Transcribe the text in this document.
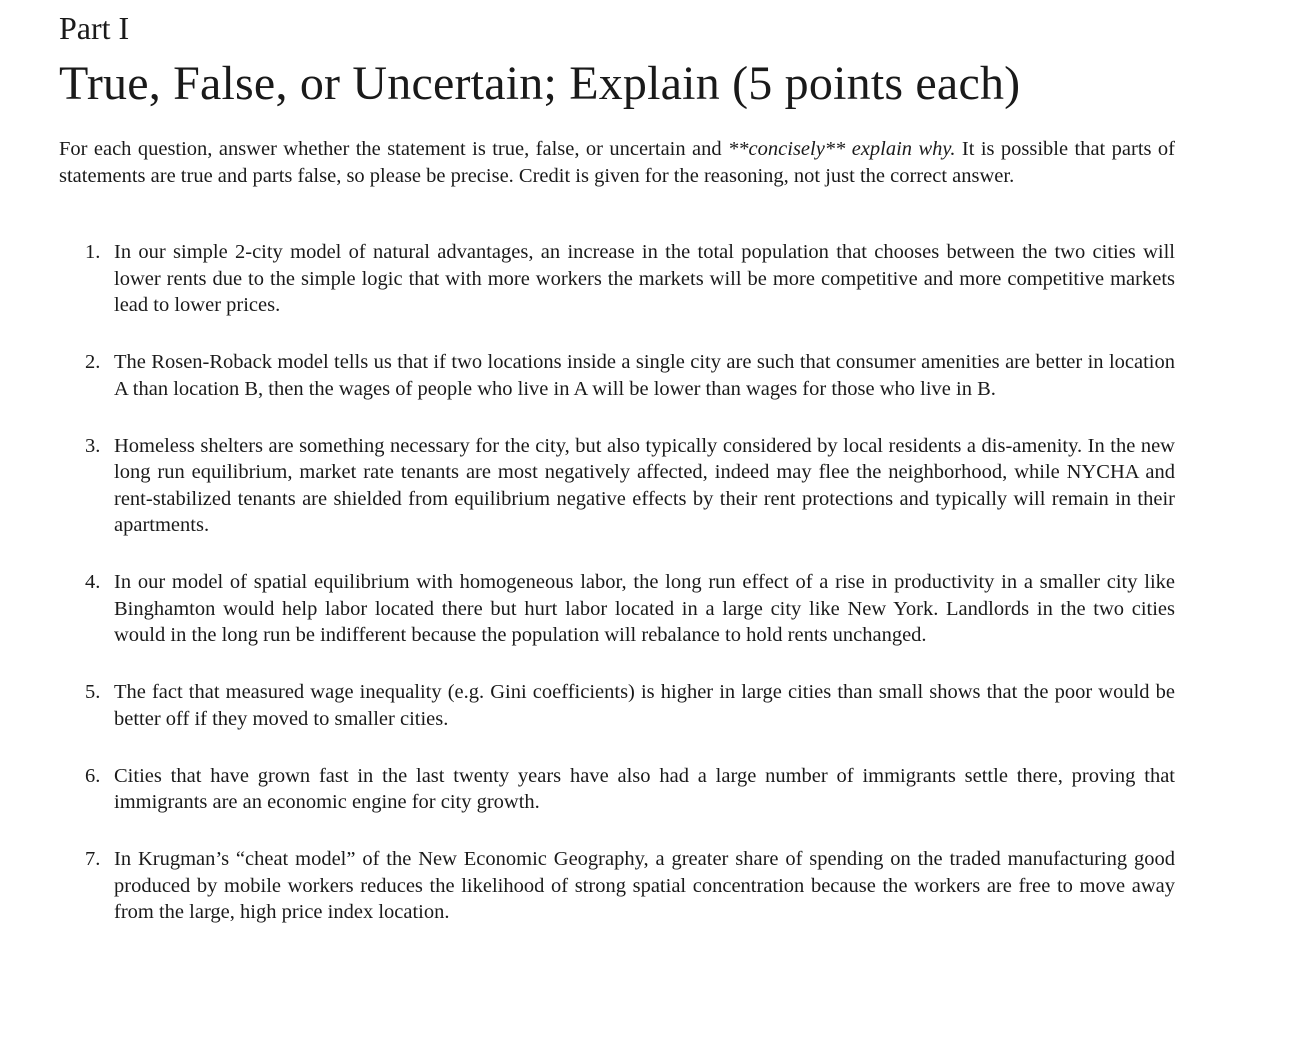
Part I
True, False, or Uncertain; Explain (5 points each)

For each question, answer whether the statement is true, false, or uncertain and **concisely** explain why. It is possible that parts of statements are true and parts false, so please be precise. Credit is given for the reasoning, not just the correct answer.

1. In our simple 2-city model of natural advantages, an increase in the total population that chooses between the two cities will lower rents due to the simple logic that with more workers the markets will be more competitive and more competitive markets lead to lower prices.
2. The Rosen-Roback model tells us that if two locations inside a single city are such that consumer amenities are better in location A than location B, then the wages of people who live in A will be lower than wages for those who live in B.
3. Homeless shelters are something necessary for the city, but also typically considered by local residents a dis-amenity. In the new long run equilibrium, market rate tenants are most negatively affected, indeed may flee the neighborhood, while NYCHA and rent-stabilized tenants are shielded from equilibrium negative effects by their rent protections and typically will remain in their apartments.
4. In our model of spatial equilibrium with homogeneous labor, the long run effect of a rise in productivity in a smaller city like Binghamton would help labor located there but hurt labor located in a large city like New York. Landlords in the two cities would in the long run be indifferent because the population will rebalance to hold rents unchanged.
5. The fact that measured wage inequality (e.g. Gini coefficients) is higher in large cities than small shows that the poor would be better off if they moved to smaller cities.
6. Cities that have grown fast in the last twenty years have also had a large number of immigrants settle there, proving that immigrants are an economic engine for city growth.
7. In Krugman’s “cheat model” of the New Economic Geography, a greater share of spending on the traded manufacturing good produced by mobile workers reduces the likelihood of strong spatial concentration because the workers are free to move away from the large, high price index location.
